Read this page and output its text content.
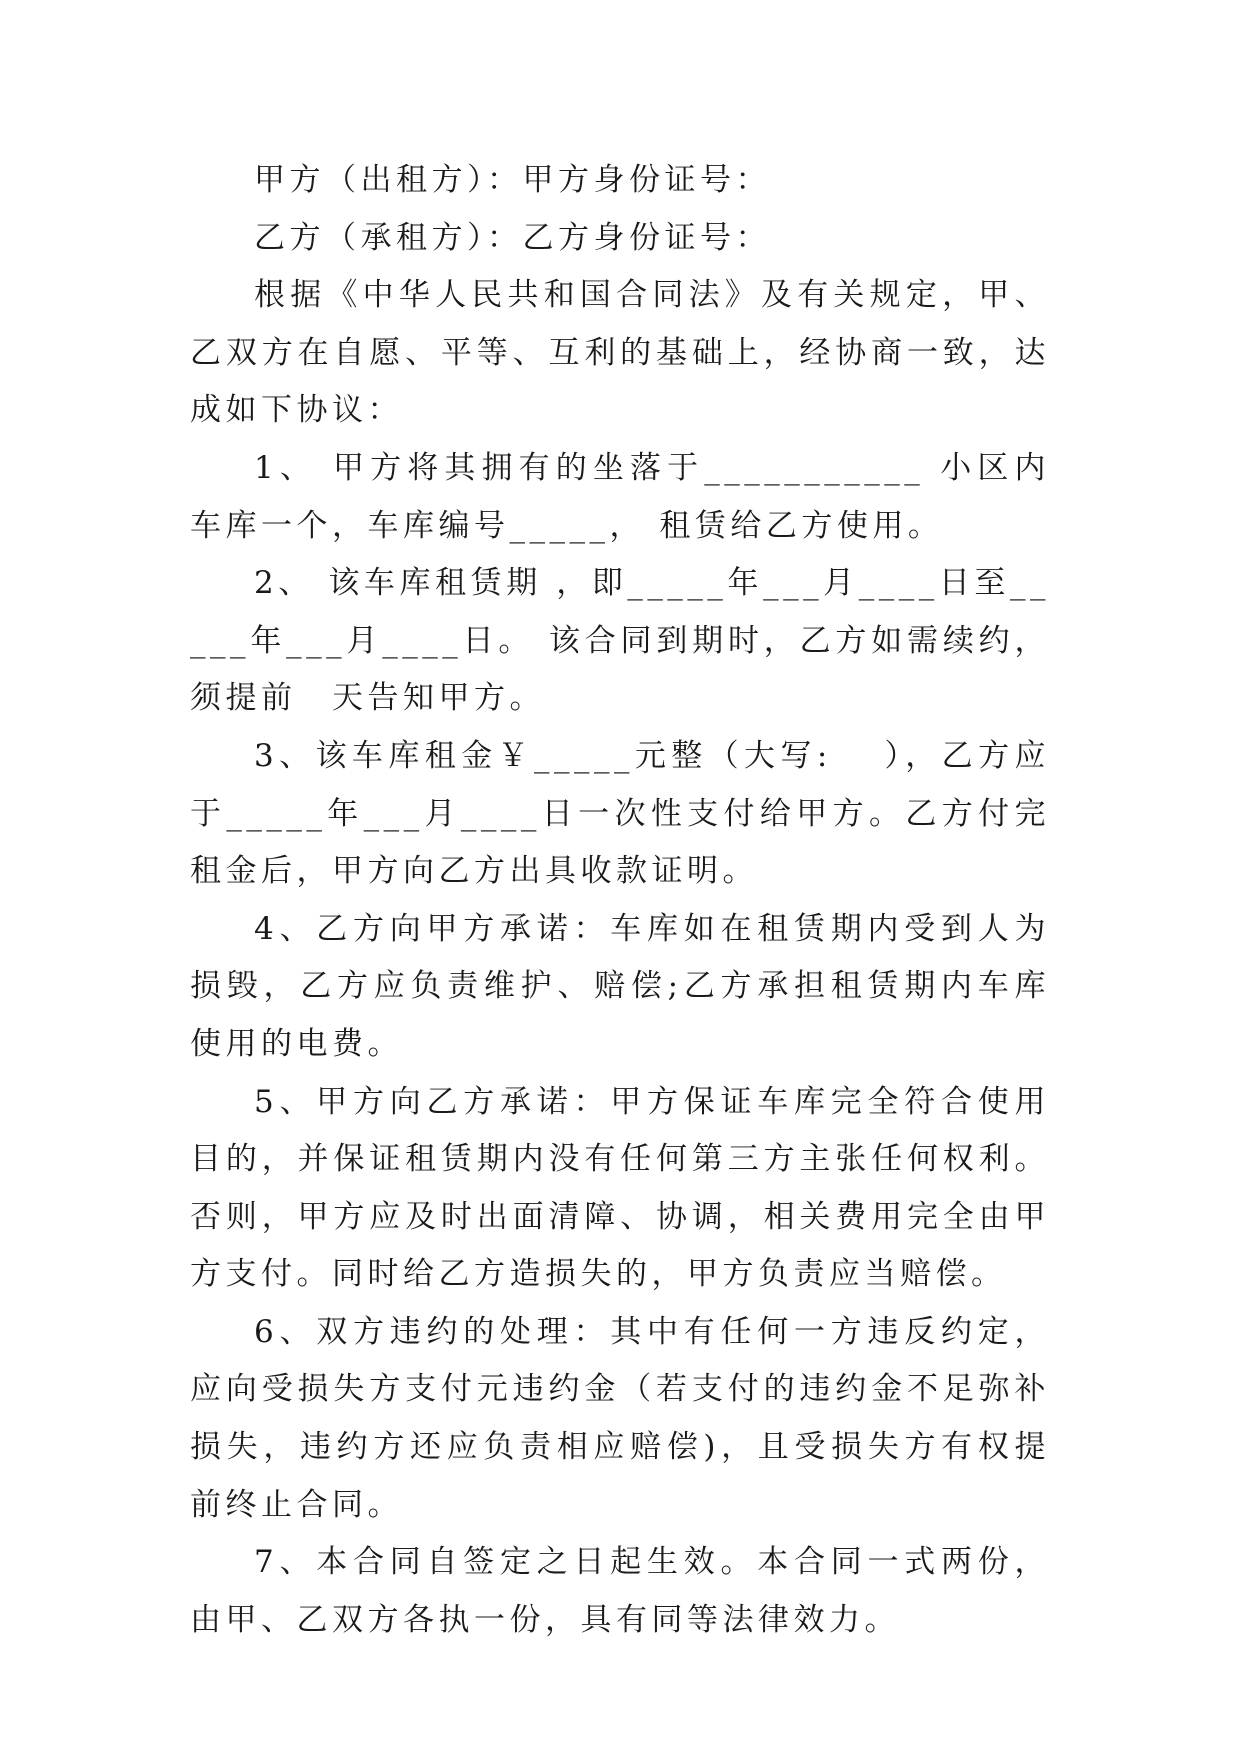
甲方（出租方）：甲方身份证号：

乙方（承租方）：乙方身份证号：

根据《中华人民共和国合同法》及有关规定，甲、乙双方在自愿、平等、互利的基础上，经协商一致，达成如下协议：

1、 甲方将其拥有的坐落于___________ 小区内车库一个，车库编号_____， 租赁给乙方使用。

2、 该车库租赁期 ，即_____年___月____日至_____年___月____日。 该合同到期时，乙方如需续约，须提前　天告知甲方。

3、该车库租金￥_____元整（大写:　 ），乙方应于_____年___月____日一次性支付给甲方。乙方付完租金后，甲方向乙方出具收款证明。

4、乙方向甲方承诺：车库如在租赁期内受到人为损毁，乙方应负责维护、赔偿;乙方承担租赁期内车库使用的电费。

5、甲方向乙方承诺：甲方保证车库完全符合使用目的，并保证租赁期内没有任何第三方主张任何权利。否则，甲方应及时出面清障、协调，相关费用完全由甲方支付。同时给乙方造损失的，甲方负责应当赔偿。

6、双方违约的处理：其中有任何一方违反约定，应向受损失方支付元违约金（若支付的违约金不足弥补损失，违约方还应负责相应赔偿)，且受损失方有权提前终止合同。

7、本合同自签定之日起生效。本合同一式两份，由甲、乙双方各执一份，具有同等法律效力。
